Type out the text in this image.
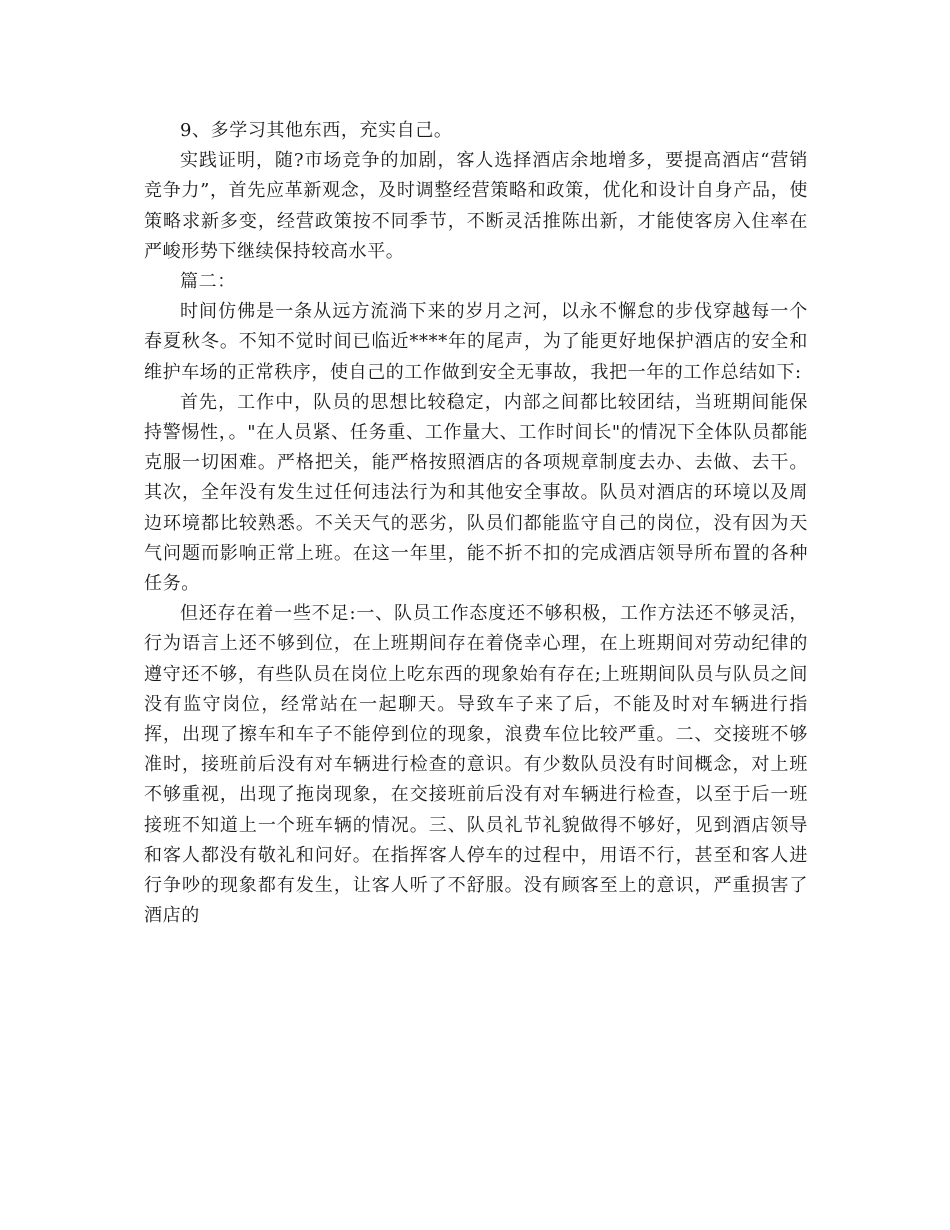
9、多学习其他东西，充实自己。

实践证明，随?市场竞争的加剧，客人选择酒店余地增多，要提高酒店“营销竞争力”，首先应革新观念，及时调整经营策略和政策，优化和设计自身产品，使策略求新多变，经营政策按不同季节，不断灵活推陈出新，才能使客房入住率在严峻形势下继续保持较高水平。

篇二：

时间仿佛是一条从远方流淌下来的岁月之河，以永不懈怠的步伐穿越每一个春夏秋冬。不知不觉时间已临近****年的尾声，为了能更好地保护酒店的安全和维护车场的正常秩序，使自己的工作做到安全无事故，我把一年的工作总结如下:

首先，工作中，队员的思想比较稳定，内部之间都比较团结，当班期间能保持警惕性，。"在人员紧、任务重、工作量大、工作时间长"的情况下全体队员都能克服一切困难。严格把关，能严格按照酒店的各项规章制度去办、去做、去干。其次，全年没有发生过任何违法行为和其他安全事故。队员对酒店的环境以及周边环境都比较熟悉。不关天气的恶劣，队员们都能监守自己的岗位，没有因为天气问题而影响正常上班。在这一年里，能不折不扣的完成酒店领导所布置的各种任务。

但还存在着一些不足:一、队员工作态度还不够积极，工作方法还不够灵活，行为语言上还不够到位，在上班期间存在着侥幸心理，在上班期间对劳动纪律的遵守还不够，有些队员在岗位上吃东西的现象始有存在;上班期间队员与队员之间没有监守岗位，经常站在一起聊天。导致车子来了后，不能及时对车辆进行指挥，出现了擦车和车子不能停到位的现象，浪费车位比较严重。二、交接班不够准时，接班前后没有对车辆进行检查的意识。有少数队员没有时间概念，对上班不够重视，出现了拖岗现象，在交接班前后没有对车辆进行检查，以至于后一班接班不知道上一个班车辆的情况。三、队员礼节礼貌做得不够好，见到酒店领导和客人都没有敬礼和问好。在指挥客人停车的过程中，用语不行，甚至和客人进行争吵的现象都有发生，让客人听了不舒服。没有顾客至上的意识，严重损害了酒店的
